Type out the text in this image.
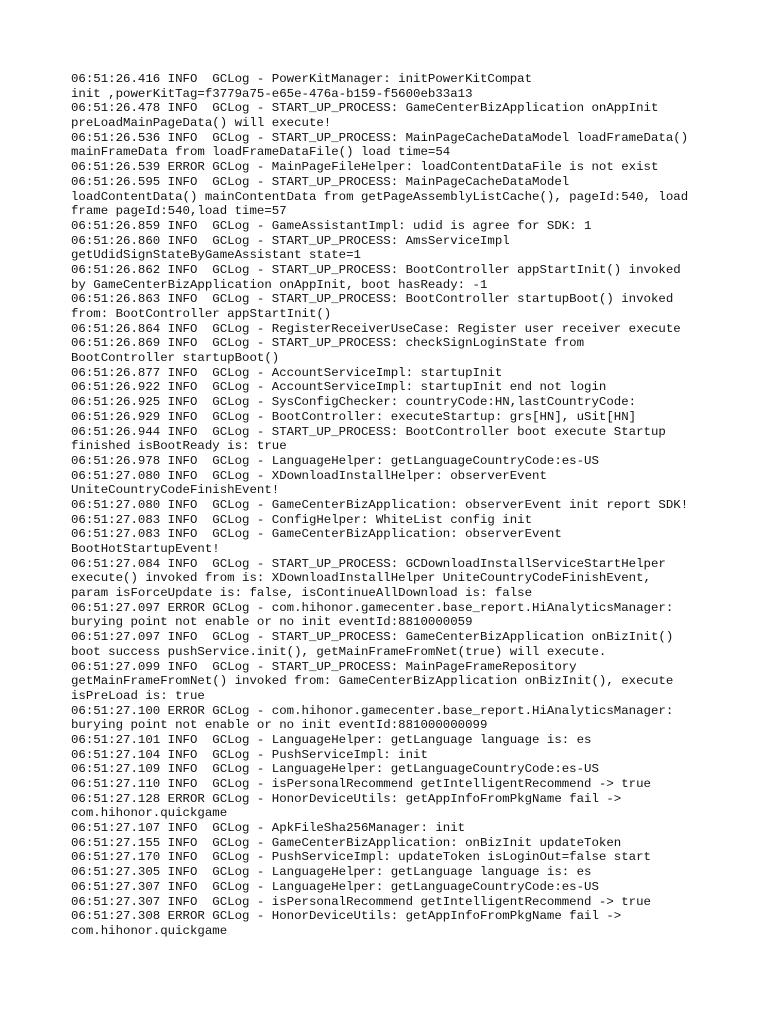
06:51:26.416 INFO  GCLog - PowerKitManager: initPowerKitCompat
init ,powerKitTag=f3779a75-e65e-476a-b159-f5600eb33a13
06:51:26.478 INFO  GCLog - START_UP_PROCESS: GameCenterBizApplication onAppInit
preLoadMainPageData() will execute!
06:51:26.536 INFO  GCLog - START_UP_PROCESS: MainPageCacheDataModel loadFrameData()
mainFrameData from loadFrameDataFile() load time=54
06:51:26.539 ERROR GCLog - MainPageFileHelper: loadContentDataFile is not exist
06:51:26.595 INFO  GCLog - START_UP_PROCESS: MainPageCacheDataModel
loadContentData() mainContentData from getPageAssemblyListCache(), pageId:540, load
frame pageId:540,load time=57
06:51:26.859 INFO  GCLog - GameAssistantImpl: udid is agree for SDK: 1
06:51:26.860 INFO  GCLog - START_UP_PROCESS: AmsServiceImpl
getUdidSignStateByGameAssistant state=1
06:51:26.862 INFO  GCLog - START_UP_PROCESS: BootController appStartInit() invoked
by GameCenterBizApplication onAppInit, boot hasReady: -1
06:51:26.863 INFO  GCLog - START_UP_PROCESS: BootController startupBoot() invoked
from: BootController appStartInit()
06:51:26.864 INFO  GCLog - RegisterReceiverUseCase: Register user receiver execute
06:51:26.869 INFO  GCLog - START_UP_PROCESS: checkSignLoginState from
BootController startupBoot()
06:51:26.877 INFO  GCLog - AccountServiceImpl: startupInit
06:51:26.922 INFO  GCLog - AccountServiceImpl: startupInit end not login
06:51:26.925 INFO  GCLog - SysConfigChecker: countryCode:HN,lastCountryCode:
06:51:26.929 INFO  GCLog - BootController: executeStartup: grs[HN], uSit[HN]
06:51:26.944 INFO  GCLog - START_UP_PROCESS: BootController boot execute Startup
finished isBootReady is: true
06:51:26.978 INFO  GCLog - LanguageHelper: getLanguageCountryCode:es-US
06:51:27.080 INFO  GCLog - XDownloadInstallHelper: observerEvent
UniteCountryCodeFinishEvent!
06:51:27.080 INFO  GCLog - GameCenterBizApplication: observerEvent init report SDK!
06:51:27.083 INFO  GCLog - ConfigHelper: WhiteList config init
06:51:27.083 INFO  GCLog - GameCenterBizApplication: observerEvent
BootHotStartupEvent!
06:51:27.084 INFO  GCLog - START_UP_PROCESS: GCDownloadInstallServiceStartHelper
execute() invoked from is: XDownloadInstallHelper UniteCountryCodeFinishEvent,
param isForceUpdate is: false, isContinueAllDownload is: false
06:51:27.097 ERROR GCLog - com.hihonor.gamecenter.base_report.HiAnalyticsManager:
burying point not enable or no init eventId:8810000059
06:51:27.097 INFO  GCLog - START_UP_PROCESS: GameCenterBizApplication onBizInit()
boot success pushService.init(), getMainFrameFromNet(true) will execute.
06:51:27.099 INFO  GCLog - START_UP_PROCESS: MainPageFrameRepository
getMainFrameFromNet() invoked from: GameCenterBizApplication onBizInit(), execute
isPreLoad is: true
06:51:27.100 ERROR GCLog - com.hihonor.gamecenter.base_report.HiAnalyticsManager:
burying point not enable or no init eventId:881000000099
06:51:27.101 INFO  GCLog - LanguageHelper: getLanguage language is: es
06:51:27.104 INFO  GCLog - PushServiceImpl: init
06:51:27.109 INFO  GCLog - LanguageHelper: getLanguageCountryCode:es-US
06:51:27.110 INFO  GCLog - isPersonalRecommend getIntelligentRecommend -> true
06:51:27.128 ERROR GCLog - HonorDeviceUtils: getAppInfoFromPkgName fail ->
com.hihonor.quickgame
06:51:27.107 INFO  GCLog - ApkFileSha256Manager: init
06:51:27.155 INFO  GCLog - GameCenterBizApplication: onBizInit updateToken
06:51:27.170 INFO  GCLog - PushServiceImpl: updateToken isLoginOut=false start
06:51:27.305 INFO  GCLog - LanguageHelper: getLanguage language is: es
06:51:27.307 INFO  GCLog - LanguageHelper: getLanguageCountryCode:es-US
06:51:27.307 INFO  GCLog - isPersonalRecommend getIntelligentRecommend -> true
06:51:27.308 ERROR GCLog - HonorDeviceUtils: getAppInfoFromPkgName fail ->
com.hihonor.quickgame
